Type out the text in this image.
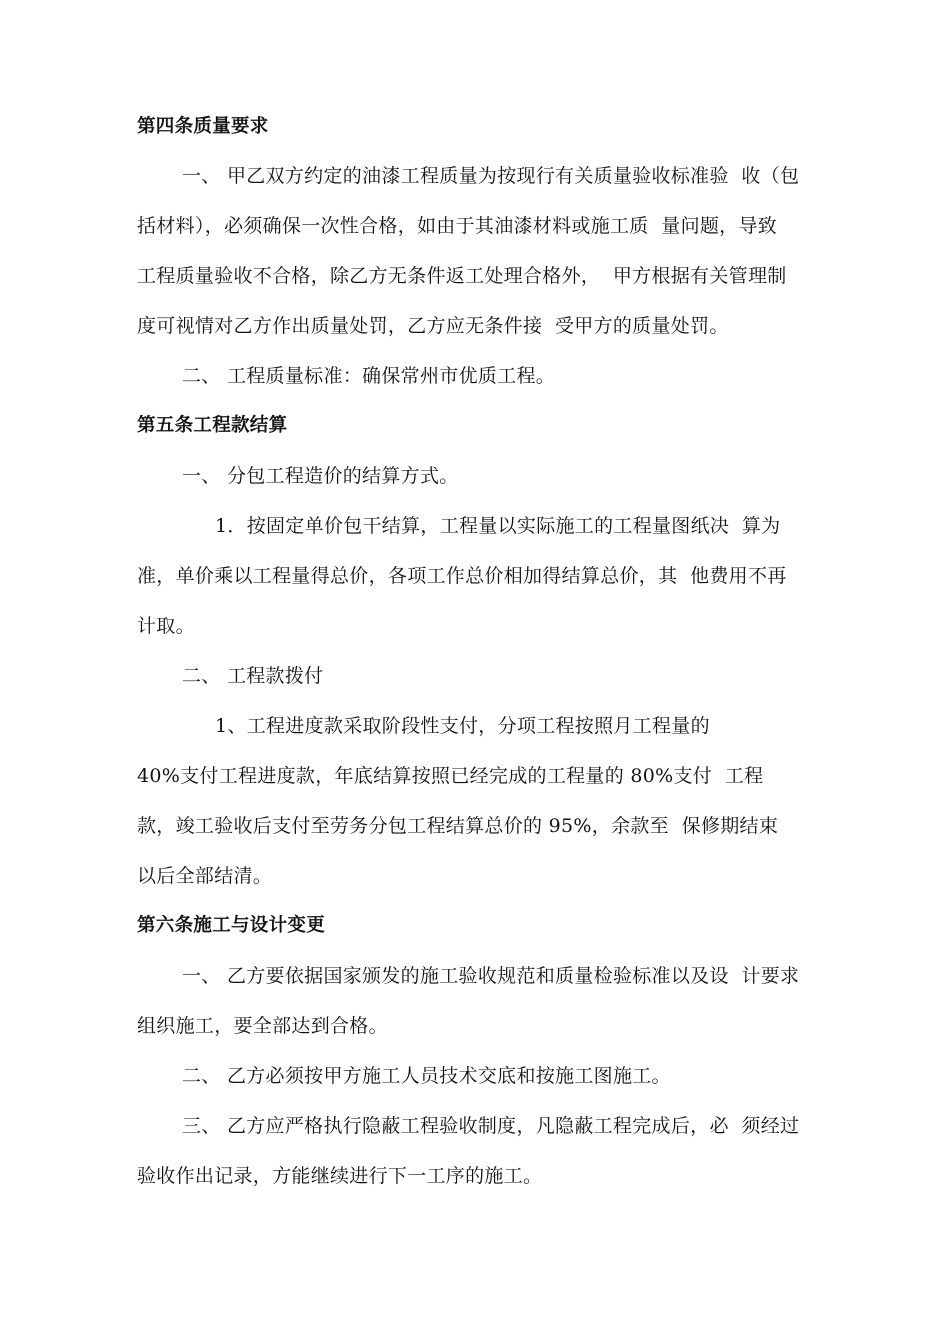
第四条质量要求
一、 甲乙双方约定的油漆工程质量为按现行有关质量验收标准验  收（包
括材料），必须确保一次性合格，如由于其油漆材料或施工质  量问题，导致
工程质量验收不合格，除乙方无条件返工处理合格外，  甲方根据有关管理制
度可视情对乙方作出质量处罚，乙方应无条件接  受甲方的质量处罚。
二、 工程质量标准：确保常州市优质工程。
第五条工程款结算
一、 分包工程造价的结算方式。
1．按固定单价包干结算，工程量以实际施工的工程量图纸决  算为
准，单价乘以工程量得总价，各项工作总价相加得结算总价，其  他费用不再
计取。
二、 工程款拨付
1、工程进度款采取阶段性支付，分项工程按照月工程量的
40%支付工程进度款，年底结算按照已经完成的工程量的 80%支付  工程
款，竣工验收后支付至劳务分包工程结算总价的 95%，余款至  保修期结束
以后全部结清。
第六条施工与设计变更
一、 乙方要依据国家颁发的施工验收规范和质量检验标准以及设  计要求
组织施工，要全部达到合格。
二、 乙方必须按甲方施工人员技术交底和按施工图施工。
三、 乙方应严格执行隐蔽工程验收制度，凡隐蔽工程完成后，必  须经过
验收作出记录，方能继续进行下一工序的施工。
